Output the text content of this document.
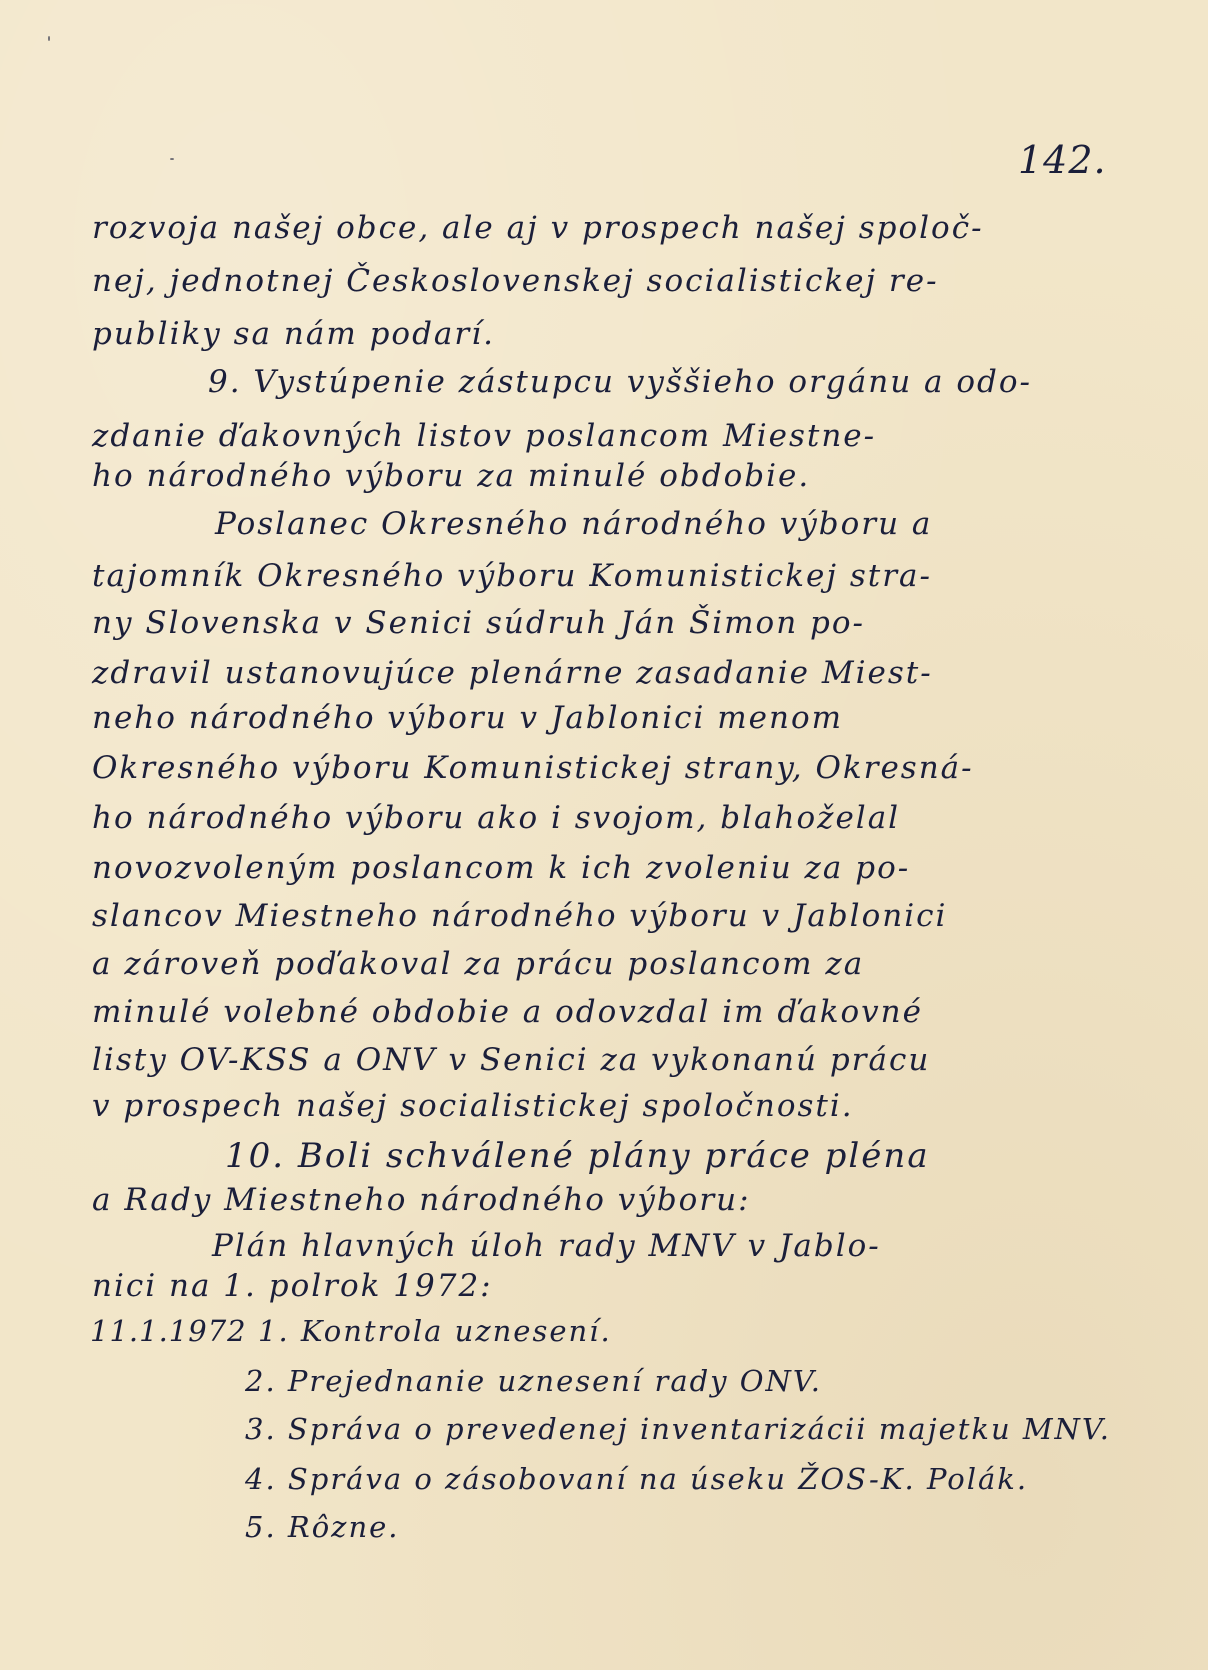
142.
rozvoja našej obce, ale aj v prospech našej spoloč-
nej, jednotnej Československej socialistickej re-
publiky sa nám podarí.
9. Vystúpenie zástupcu vyššieho orgánu a odo-
zdanie ďakovných listov poslancom Miestne-
ho národného výboru za minulé obdobie.
Poslanec Okresného národného výboru a
tajomník Okresného výboru Komunistickej stra-
ny Slovenska v Senici súdruh Ján Šimon po-
zdravil ustanovujúce plenárne zasadanie Miest-
neho národného výboru v Jablonici menom
Okresného výboru Komunistickej strany, Okresná-
ho národného výboru ako i svojom, blahoželal
novozvoleným poslancom k ich zvoleniu za po-
slancov Miestneho národného výboru v Jablonici
a zároveň poďakoval za prácu poslancom za
minulé volebné obdobie a odovzdal im ďakovné
listy OV-KSS a ONV v Senici za vykonanú prácu
v prospech našej socialistickej spoločnosti.
10. Boli schválené plány práce pléna
a Rady Miestneho národného výboru:
Plán hlavných úloh rady MNV v Jablo-
nici na 1. polrok 1972:
11.1.1972 1. Kontrola uznesení.
2. Prejednanie uznesení rady ONV.
3. Správa o prevedenej inventarizácii majetku MNV.
4. Správa o zásobovaní na úseku ŽOS-K. Polák.
5. Rôzne.
